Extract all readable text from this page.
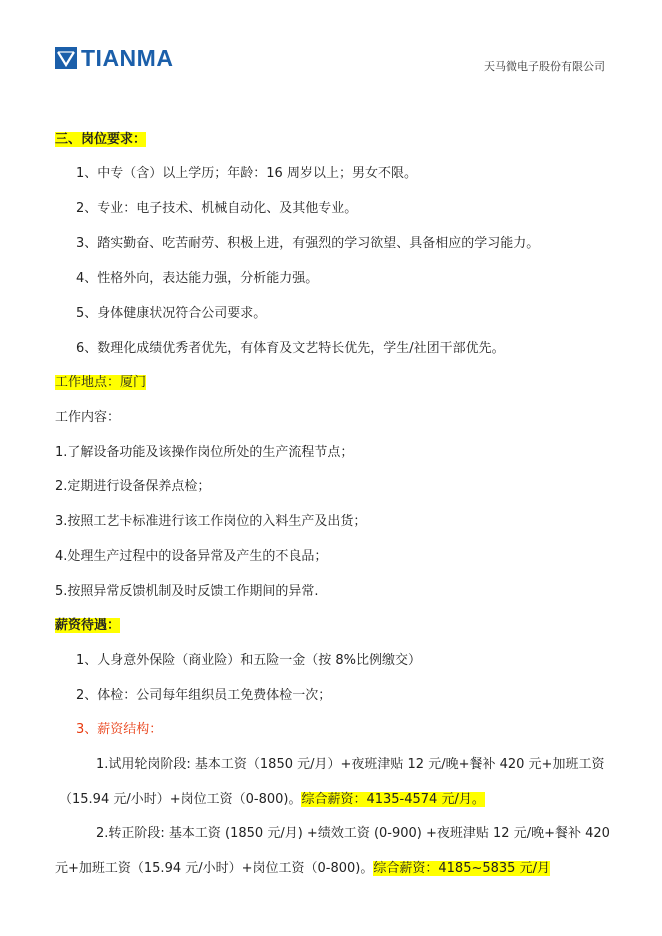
TIANMA	天马微电子股份有限公司
三、岗位要求：
1、中专（含）以上学历；年龄：16 周岁以上；男女不限。
2、专业：电子技术、机械自动化、及其他专业。
3、踏实勤奋、吃苦耐劳、积极上进，有强烈的学习欲望、具备相应的学习能力。
4、性格外向，表达能力强，分析能力强。
5、身体健康状况符合公司要求。
6、数理化成绩优秀者优先，有体育及文艺特长优先，学生/社团干部优先。
工作地点：厦门
工作内容：
1.了解设备功能及该操作岗位所处的生产流程节点；
2.定期进行设备保养点检；
3.按照工艺卡标准进行该工作岗位的入料生产及出货；
4.处理生产过程中的设备异常及产生的不良品；
5.按照异常反馈机制及时反馈工作期间的异常.
薪资待遇：
1、人身意外保险（商业险）和五险一金（按 8%比例缴交）
2、体检：公司每年组织员工免费体检一次；
3、薪资结构：
1.试用轮岗阶段: 基本工资（1850 元/月）+夜班津贴 12 元/晚+餐补 420 元+加班工资
（15.94 元/小时）+岗位工资（0-800)。综合薪资：4135-4574 元/月。
2.转正阶段: 基本工资 (1850 元/月) +绩效工资 (0-900) +夜班津贴 12 元/晚+餐补 420
元+加班工资（15.94 元/小时）+岗位工资（0-800)。综合薪资：4185~5835 元/月
